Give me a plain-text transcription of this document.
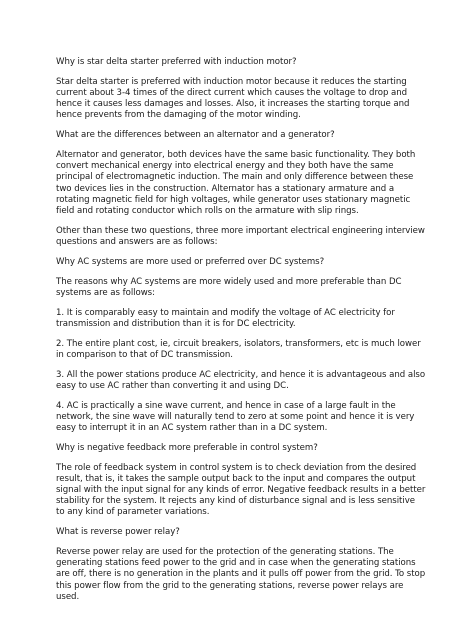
Why is star delta starter preferred with induction motor?

Star delta starter is preferred with induction motor because it reduces the starting current about 3-4 times of the direct current which causes the voltage to drop and hence it causes less damages and losses. Also, it increases the starting torque and hence prevents from the damaging of the motor winding.

What are the differences between an alternator and a generator?

Alternator and generator, both devices have the same basic functionality. They both convert mechanical energy into electrical energy and they both have the same principal of electromagnetic induction. The main and only difference between these two devices lies in the construction. Alternator has a stationary armature and a rotating magnetic field for high voltages, while generator uses stationary magnetic field and rotating conductor which rolls on the armature with slip rings.

Other than these two questions, three more important electrical engineering interview questions and answers are as follows:

Why AC systems are more used or preferred over DC systems?

The reasons why AC systems are more widely used and more preferable than DC systems are as follows:

1. It is comparably easy to maintain and modify the voltage of AC electricity for transmission and distribution than it is for DC electricity.

2. The entire plant cost, ie, circuit breakers, isolators, transformers, etc is much lower in comparison to that of DC transmission.

3. All the power stations produce AC electricity, and hence it is advantageous and also easy to use AC rather than converting it and using DC.

4. AC is practically a sine wave current, and hence in case of a large fault in the network, the sine wave will naturally tend to zero at some point and hence it is very easy to interrupt it in an AC system rather than in a DC system.

Why is negative feedback more preferable in control system?

The role of feedback system in control system is to check deviation from the desired result, that is, it takes the sample output back to the input and compares the output signal with the input signal for any kinds of error. Negative feedback results in a better stability for the system. It rejects any kind of disturbance signal and is less sensitive to any kind of parameter variations.

What is reverse power relay?

Reverse power relay are used for the protection of the generating stations. The generating stations feed power to the grid and in case when the generating stations are off, there is no generation in the plants and it pulls off power from the grid. To stop this power flow from the grid to the generating stations, reverse power relays are used.
